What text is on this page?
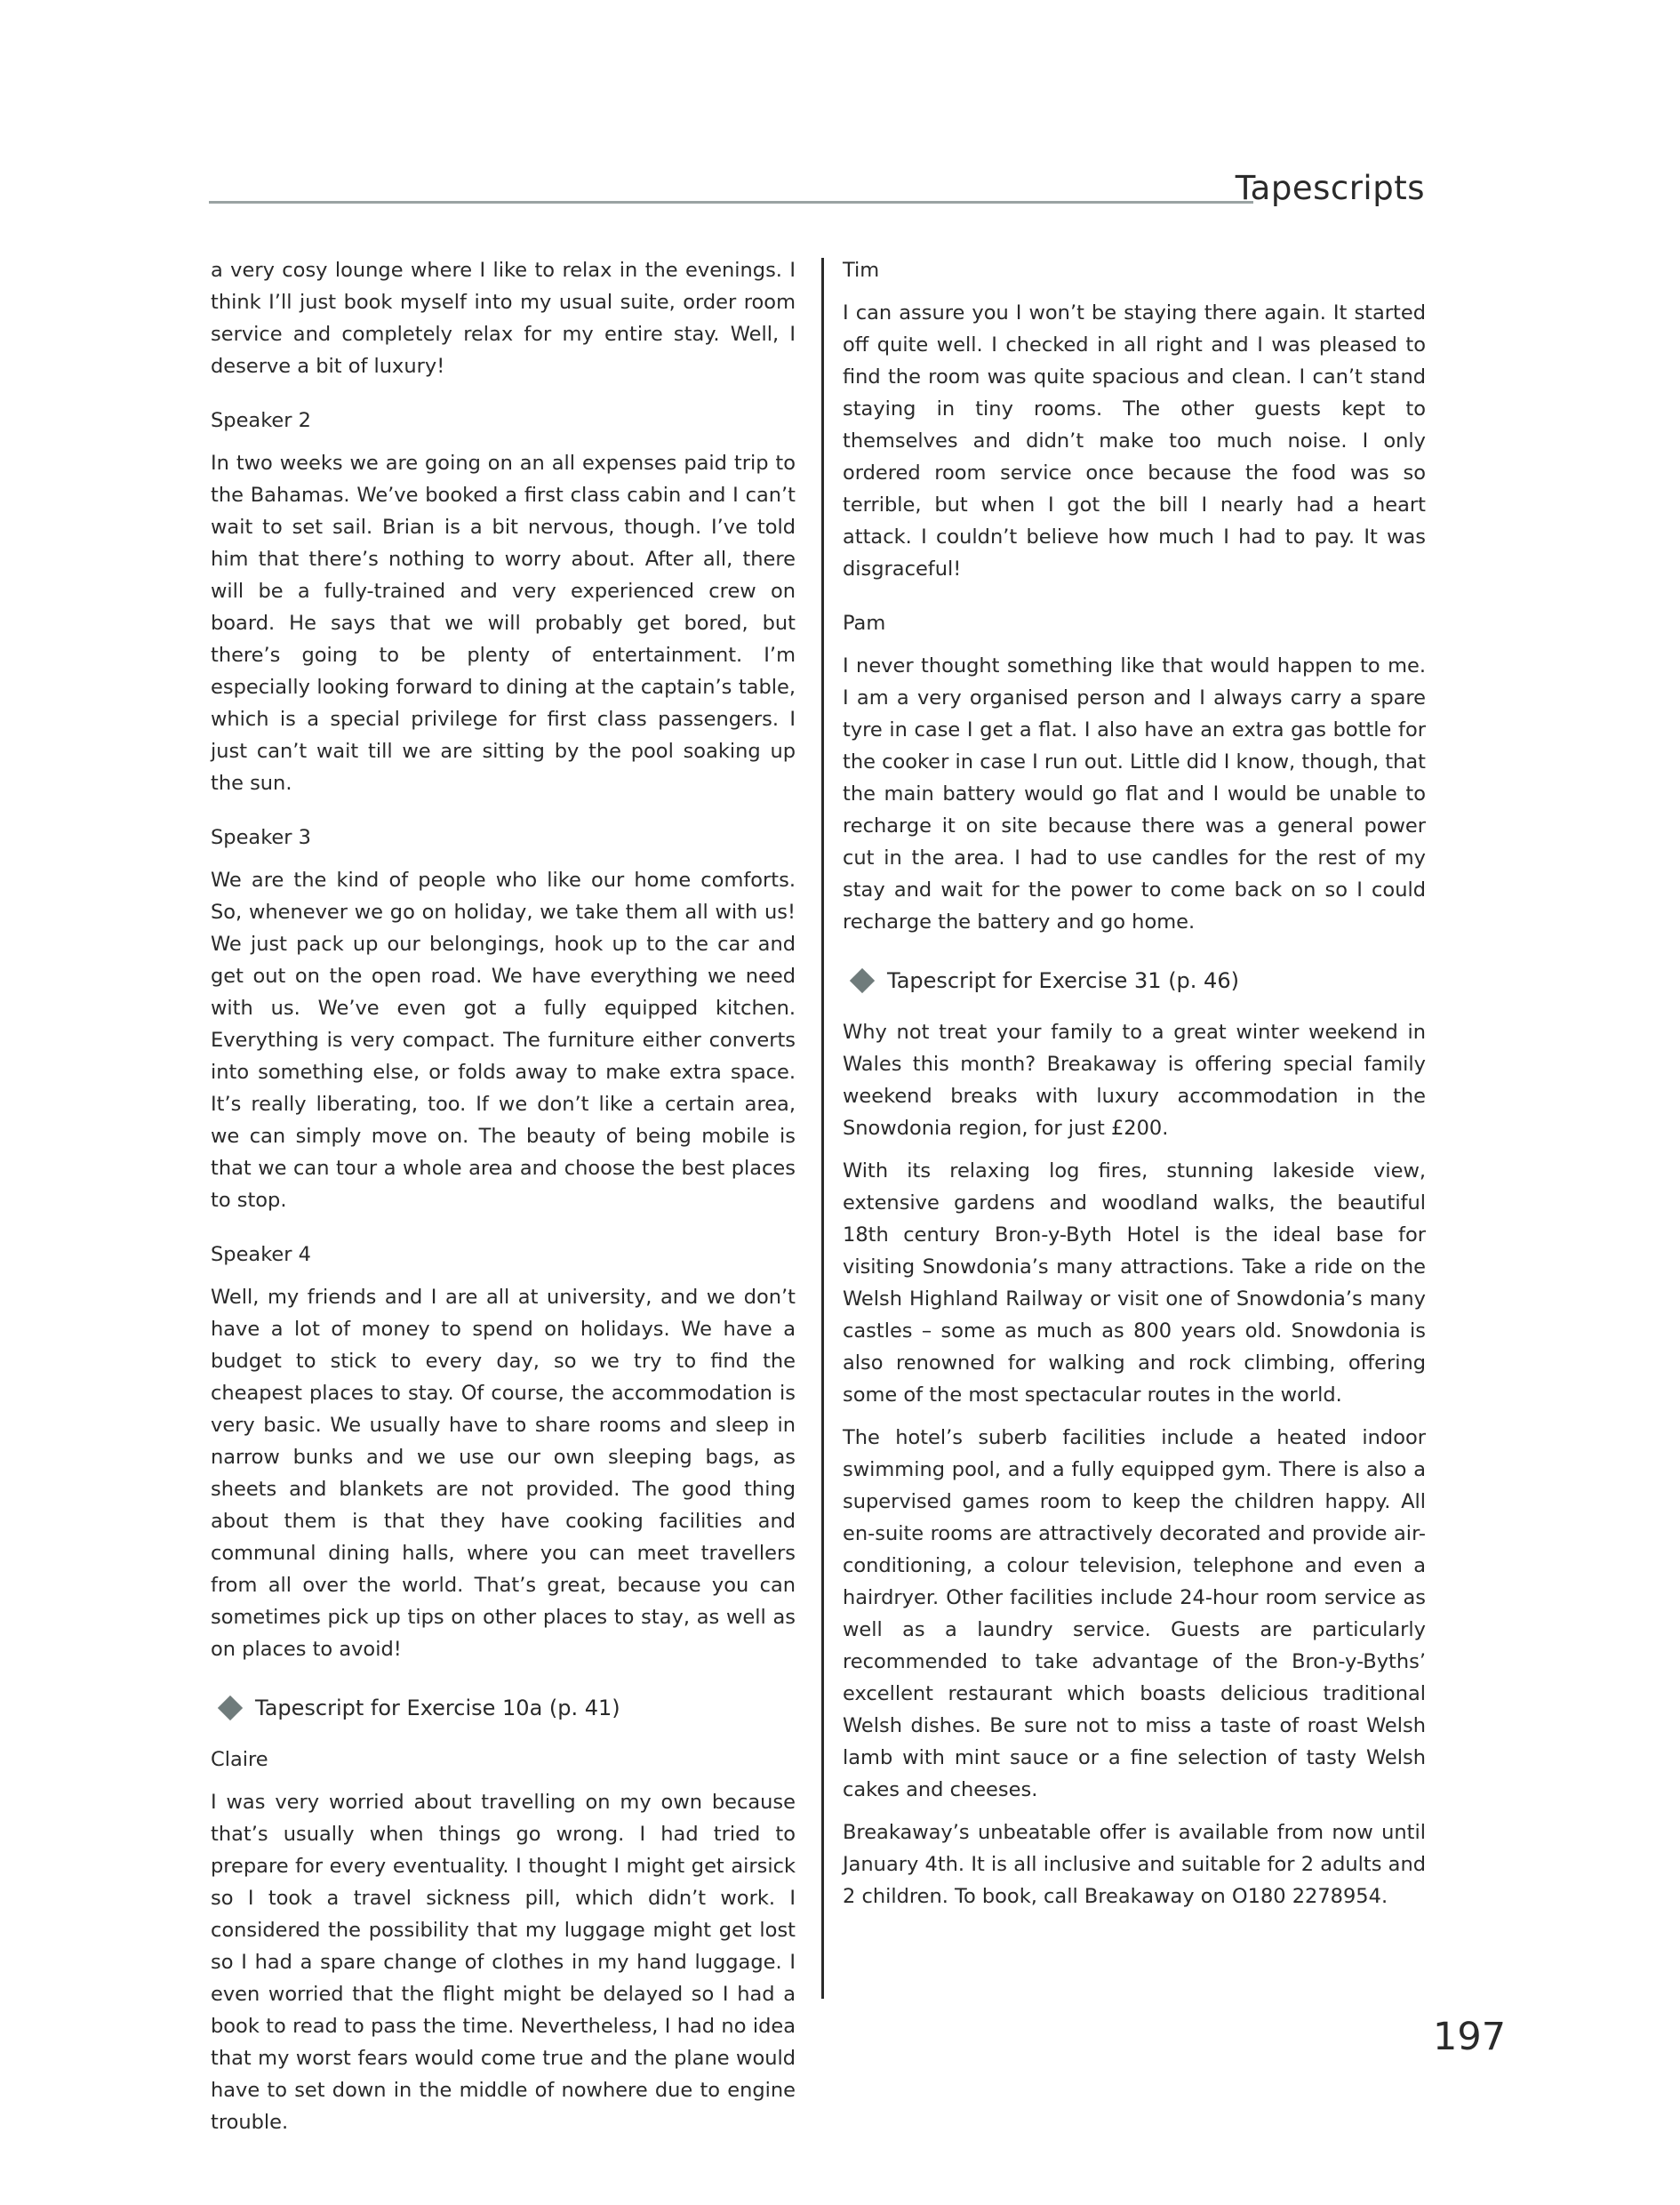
Tapescripts

a very cosy lounge where I like to relax in the evenings. I think I’ll just book myself into my usual suite, order room service and completely relax for my entire stay. Well, I deserve a bit of luxury!

Speaker 2

In two weeks we are going on an all expenses paid trip to the Bahamas. We’ve booked a first class cabin and I can’t wait to set sail. Brian is a bit nervous, though. I’ve told him that there’s nothing to worry about. After all, there will be a fully-trained and very experienced crew on board. He says that we will probably get bored, but there’s going to be plenty of entertainment. I’m especially looking forward to dining at the captain’s table, which is a special privilege for first class passengers. I just can’t wait till we are sitting by the pool soaking up the sun.

Speaker 3

We are the kind of people who like our home comforts. So, whenever we go on holiday, we take them all with us! We just pack up our belongings, hook up to the car and get out on the open road. We have everything we need with us. We’ve even got a fully equipped kitchen. Everything is very compact. The furniture either converts into something else, or folds away to make extra space. It’s really liberating, too. If we don’t like a certain area, we can simply move on. The beauty of being mobile is that we can tour a whole area and choose the best places to stop.

Speaker 4

Well, my friends and I are all at university, and we don’t have a lot of money to spend on holidays. We have a budget to stick to every day, so we try to find the cheapest places to stay. Of course, the accommodation is very basic. We usually have to share rooms and sleep in narrow bunks and we use our own sleeping bags, as sheets and blankets are not provided. The good thing about them is that they have cooking facilities and communal dining halls, where you can meet travellers from all over the world. That’s great, because you can sometimes pick up tips on other places to stay, as well as on places to avoid!

Tapescript for Exercise 10a (p. 41)
Claire

I was very worried about travelling on my own because that’s usually when things go wrong. I had tried to prepare for every eventuality. I thought I might get airsick so I took a travel sickness pill, which didn’t work. I considered the possibility that my luggage might get lost so I had a spare change of clothes in my hand luggage. I even worried that the flight might be delayed so I had a book to read to pass the time. Nevertheless, I had no idea that my worst fears would come true and the plane would have to set down in the middle of nowhere due to engine trouble.

Tim

I can assure you I won’t be staying there again. It started off quite well. I checked in all right and I was pleased to find the room was quite spacious and clean. I can’t stand staying in tiny rooms. The other guests kept to themselves and didn’t make too much noise. I only ordered room service once because the food was so terrible, but when I got the bill I nearly had a heart attack. I couldn’t believe how much I had to pay. It was disgraceful!

Pam

I never thought something like that would happen to me. I am a very organised person and I always carry a spare tyre in case I get a flat. I also have an extra gas bottle for the cooker in case I run out. Little did I know, though, that the main battery would go flat and I would be unable to recharge it on site because there was a general power cut in the area. I had to use candles for the rest of my stay and wait for the power to come back on so I could recharge the battery and go home.

Tapescript for Exercise 31 (p. 46)

Why not treat your family to a great winter weekend in Wales this month? Breakaway is offering special family weekend breaks with luxury accommodation in the Snowdonia region, for just £200.

With its relaxing log fires, stunning lakeside view, extensive gardens and woodland walks, the beautiful 18th century Bron-y-Byth Hotel is the ideal base for visiting Snowdonia’s many attractions. Take a ride on the Welsh Highland Railway or visit one of Snowdonia’s many castles – some as much as 800 years old. Snowdonia is also renowned for walking and rock climbing, offering some of the most spectacular routes in the world.

The hotel’s suberb facilities include a heated indoor swimming pool, and a fully equipped gym. There is also a supervised games room to keep the children happy. All en-suite rooms are attractively decorated and provide air-conditioning, a colour television, telephone and even a hairdryer. Other facilities include 24-hour room service as well as a laundry service. Guests are particularly recommended to take advantage of the Bron-y-Byths’ excellent restaurant which boasts delicious traditional Welsh dishes. Be sure not to miss a taste of roast Welsh lamb with mint sauce or a fine selection of tasty Welsh cakes and cheeses.

Breakaway’s unbeatable offer is available from now until January 4th. It is all inclusive and suitable for 2 adults and 2 children. To book, call Breakaway on O180 2278954.

197
